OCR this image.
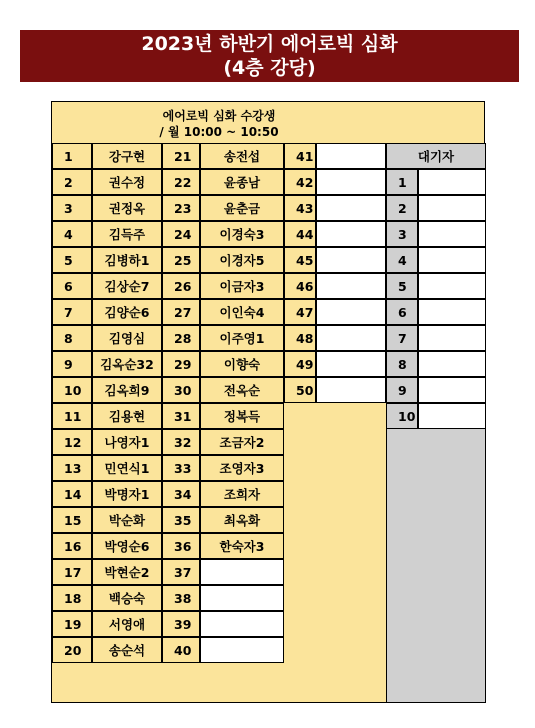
2023년 하반기 에어로빅 심화
(4층 강당)
에어로빅 심화 수강생
/ 월 10:00 ~ 10:50
대기자
1	강구현
2	권수정
3	권정옥
4	김득주
5	김병하1
6	김상순7
7	김양순6
8	김영심
9	김옥순32
10	김옥희9
11	김용현
12	나영자1
13	민연식1
14	박명자1
15	박순화
16	박영순6
17	박현순2
18	백승숙
19	서영애
20	송순석
21	송전섭
22	윤종남
23	윤춘금
24	이경숙3
25	이경자5
26	이금자3
27	이인숙4
28	이주영1
29	이향숙
30	전옥순
31	정복득
32	조금자2
33	조영자3
34	조희자
35	최옥화
36	한숙자3
37
38
39
40
41
42
43
44
45
46
47
48
49
50
1
2
3
4
5
6
7
8
9
10
